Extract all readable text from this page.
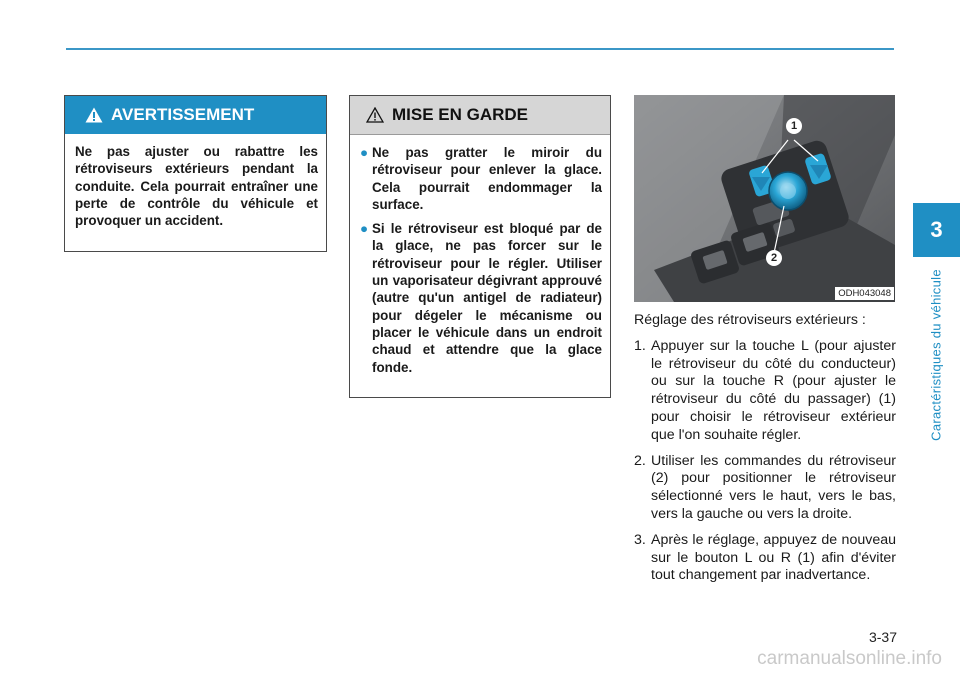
3
Caractéristiques du véhicule
AVERTISSEMENT
Ne pas ajuster ou rabattre les rétroviseurs extérieurs pendant la conduite. Cela pourrait entraîner une perte de contrôle du véhicule et provoquer un accident.
MISE EN GARDE
● Ne pas gratter le miroir du rétroviseur pour enlever la glace. Cela pourrait endommager la surface.
● Si le rétroviseur est bloqué par de la glace, ne pas forcer sur le rétroviseur pour le régler. Utiliser un vaporisateur dégivrant approuvé (autre qu'un antigel de radiateur) pour dégeler le mécanisme ou placer le véhicule dans un endroit chaud et attendre que la glace fonde.
1
2
ODH043048

Réglage des rétroviseurs extérieurs :

1. Appuyer sur la touche L (pour ajuster le rétroviseur du côté du conducteur) ou sur la touche R (pour ajuster le rétroviseur du côté du passager) (1) pour choisir le rétroviseur extérieur que l'on souhaite régler.
2. Utiliser les commandes du rétroviseur (2) pour positionner le rétroviseur sélectionné vers le haut, vers le bas, vers la gauche ou vers la droite.
3. Après le réglage, appuyez de nouveau sur le bouton L ou R (1) afin d'éviter tout changement par inadvertance.
3-37
carmanualsonline.info
